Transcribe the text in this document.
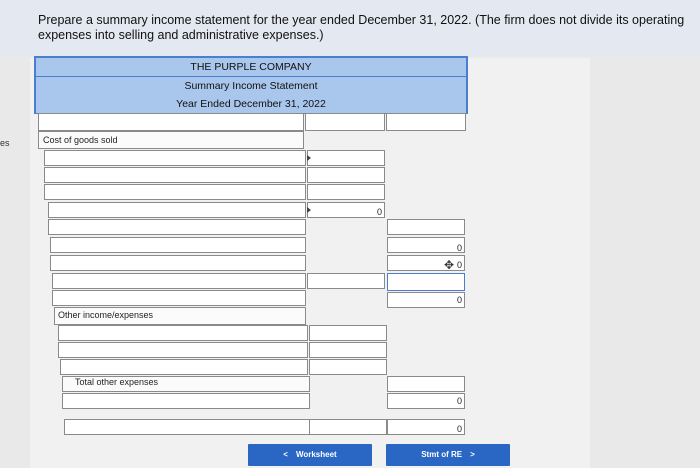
Prepare a summary income statement for the year ended December 31, 2022. (The firm does not divide its operating expenses into selling and administrative expenses.)
es
THE PURPLE COMPANY
Summary Income Statement
Year Ended December 31, 2022
Cost of goods sold
0
0
✥ 0
0
Other income/expenses
Total other expenses
0
0
< Worksheet	Stmt of RE >
